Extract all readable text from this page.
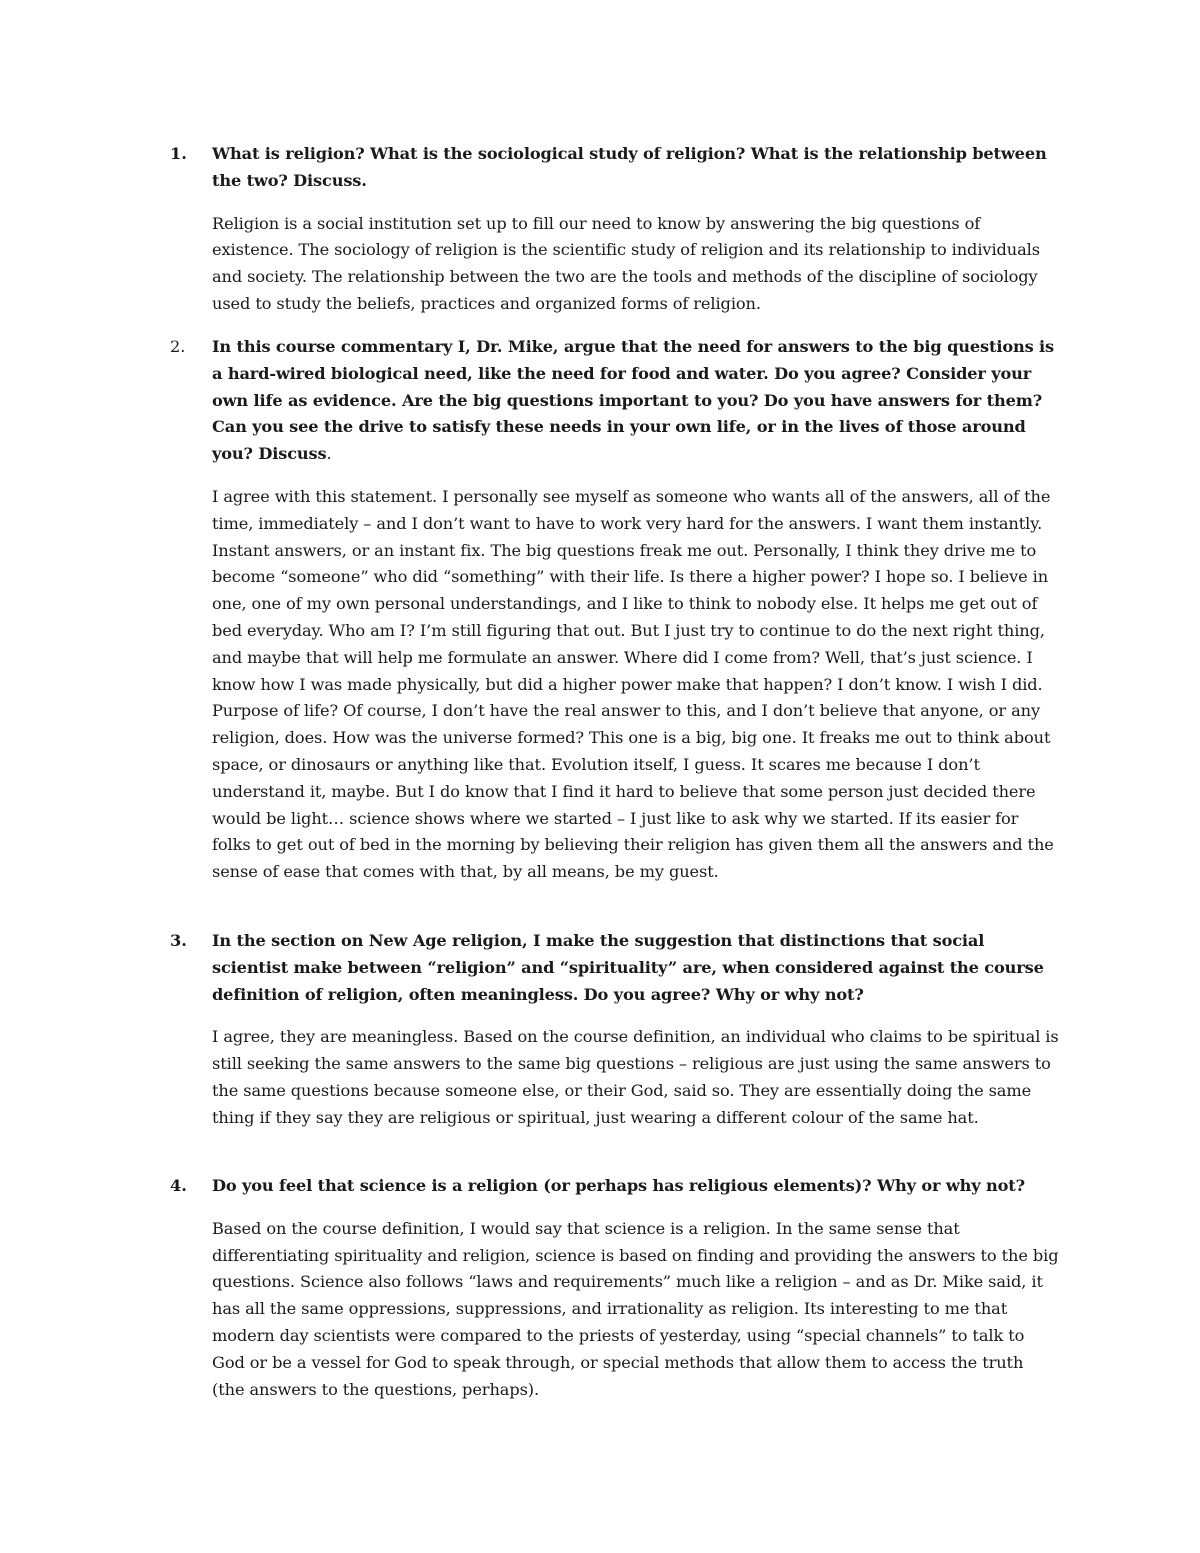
1.	What is religion? What is the sociological study of religion? What is the relationship between the two? Discuss.
Religion is a social institution set up to fill our need to know by answering the big questions of existence. The sociology of religion is the scientific study of religion and its relationship to individuals and society. The relationship between the two are the tools and methods of the discipline of sociology used to study the beliefs, practices and organized forms of religion.
2.	In this course commentary I, Dr. Mike, argue that the need for answers to the big questions is a hard-wired biological need, like the need for food and water. Do you agree? Consider your own life as evidence. Are the big questions important to you? Do you have answers for them? Can you see the drive to satisfy these needs in your own life, or in the lives of those around you? Discuss.
I agree with this statement. I personally see myself as someone who wants all of the answers, all of the time, immediately – and I don’t want to have to work very hard for the answers. I want them instantly. Instant answers, or an instant fix. The big questions freak me out. Personally, I think they drive me to become “someone” who did “something” with their life. Is there a higher power? I hope so. I believe in one, one of my own personal understandings, and I like to think to nobody else. It helps me get out of bed everyday. Who am I? I’m still figuring that out. But I just try to continue to do the next right thing, and maybe that will help me formulate an answer. Where did I come from? Well, that’s just science. I know how I was made physically, but did a higher power make that happen? I don’t know. I wish I did. Purpose of life? Of course, I don’t have the real answer to this, and I don’t believe that anyone, or any religion, does. How was the universe formed? This one is a big, big one. It freaks me out to think about space, or dinosaurs or anything like that. Evolution itself, I guess. It scares me because I don’t understand it, maybe. But I do know that I find it hard to believe that some person just decided there would be light… science shows where we started – I just like to ask why we started. If its easier for folks to get out of bed in the morning by believing their religion has given them all the answers and the sense of ease that comes with that, by all means, be my guest.
3.	In the section on New Age religion, I make the suggestion that distinctions that social scientist make between “religion” and “spirituality” are, when considered against the course definition of religion, often meaningless. Do you agree? Why or why not?
I agree, they are meaningless. Based on the course definition, an individual who claims to be spiritual is still seeking the same answers to the same big questions – religious are just using the same answers to the same questions because someone else, or their God, said so. They are essentially doing the same thing if they say they are religious or spiritual, just wearing a different colour of the same hat.
4.	Do you feel that science is a religion (or perhaps has religious elements)? Why or why not?
Based on the course definition, I would say that science is a religion. In the same sense that differentiating spirituality and religion, science is based on finding and providing the answers to the big questions. Science also follows “laws and requirements” much like a religion – and as Dr. Mike said, it has all the same oppressions, suppressions, and irrationality as religion. Its interesting to me that modern day scientists were compared to the priests of yesterday, using “special channels” to talk to God or be a vessel for God to speak through, or special methods that allow them to access the truth (the answers to the questions, perhaps).
